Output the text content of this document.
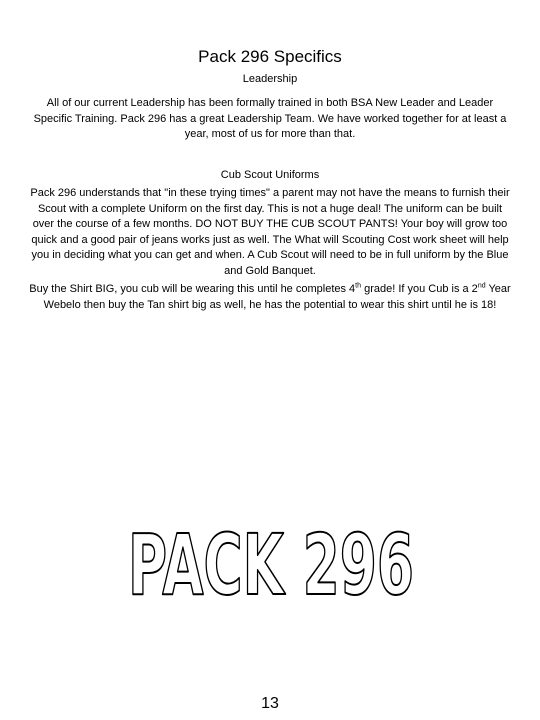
Pack 296 Specifics
Leadership

All of our current Leadership has been formally trained in both BSA New Leader and Leader Specific Training. Pack 296 has a great Leadership Team. We have worked together for at least a year, most of us for more than that.

Cub Scout Uniforms

Pack 296 understands that "in these trying times" a parent may not have the means to furnish their Scout with a complete Uniform on the first day. This is not a huge deal! The uniform can be built over the course of a few months. DO NOT BUY THE CUB SCOUT PANTS! Your boy will grow too quick and a good pair of jeans works just as well. The What will Scouting Cost work sheet will help you in deciding what you can get and when. A Cub Scout will need to be in full uniform by the Blue and Gold Banquet.

Buy the Shirt BIG, you cub will be wearing this until he completes 4th grade! If you Cub is a 2nd Year Webelo then buy the Tan shirt big as well, he has the potential to wear this shirt until he is 18!

PACK 296
13
